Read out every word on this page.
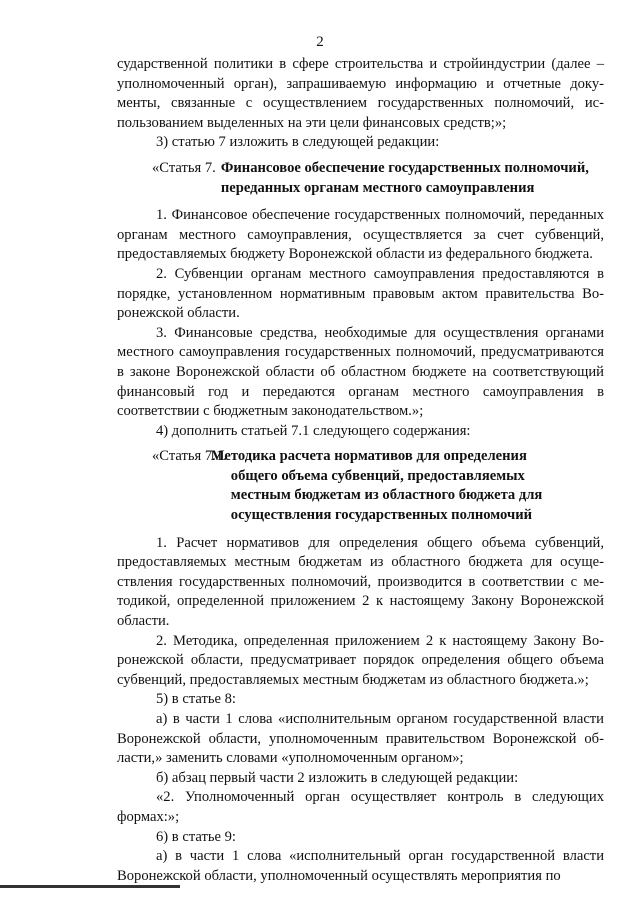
2

сударственной политики в сфере строительства и стройиндустрии (далее – уполномоченный орган), запрашиваемую информацию и отчетные документы, связанные с осуществлением государственных полномочий, использованием выделенных на эти цели финансовых средств;»;

3) статью 7 изложить в следующей редакции:

«Статья 7. Финансовое обеспечение государственных полномочий, переданных органам местного самоуправления

1. Финансовое обеспечение государственных полномочий, переданных органам местного самоуправления, осуществляется за счет субвенций, предоставляемых бюджету Воронежской области из федерального бюджета.

2. Субвенции органам местного самоуправления предоставляются в порядке, установленном нормативным правовым актом правительства Воронежской области.

3. Финансовые средства, необходимые для осуществления органами местного самоуправления государственных полномочий, предусматриваются в законе Воронежской области об областном бюджете на соответствующий финансовый год и передаются органам местного самоуправления в соответствии с бюджетным законодательством.»;

4) дополнить статьей 7.1 следующего содержания:

«Статья 7.1.
Методика расчета нормативов для определения
общего объема субвенций, предоставляемых
местным бюджетам из областного бюджета для
осуществления государственных полномочий

1. Расчет нормативов для определения общего объема субвенций, предоставляемых местным бюджетам из областного бюджета для осуществления государственных полномочий, производится в соответствии с методикой, определенной приложением 2 к настоящему Закону Воронежской области.

2. Методика, определенная приложением 2 к настоящему Закону Воронежской области, предусматривает порядок определения общего объема субвенций, предоставляемых местным бюджетам из областного бюджета.»;

5) в статье 8:

а) в части 1 слова «исполнительным органом государственной власти Воронежской области, уполномоченным правительством Воронежской области,» заменить словами «уполномоченным органом»;

б) абзац первый части 2 изложить в следующей редакции:

«2. Уполномоченный орган осуществляет контроль в следующих формах:»;

6) в статье 9:

а) в части 1 слова «исполнительный орган государственной власти Воронежской области, уполномоченный осуществлять мероприятия по
